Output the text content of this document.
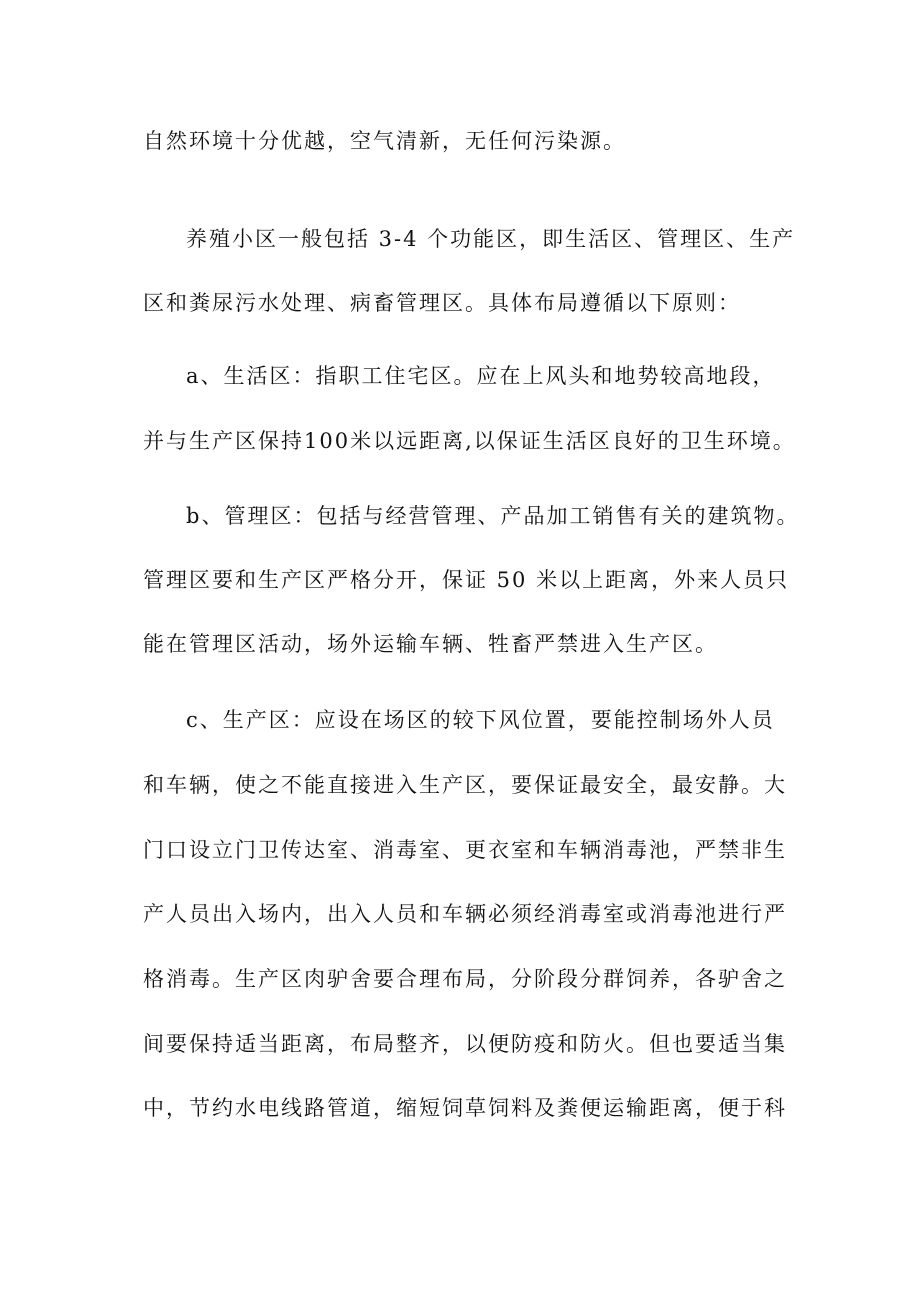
自然环境十分优越，空气清新，无任何污染源。
养殖小区一般包括 3-4 个功能区，即生活区、管理区、生产
区和粪尿污水处理、病畜管理区。具体布局遵循以下原则：
a、生活区：指职工住宅区。应在上风头和地势较高地段，
并与生产区保持100米以远距离,以保证生活区良好的卫生环境。
b、管理区：包括与经营管理、产品加工销售有关的建筑物。
管理区要和生产区严格分开，保证 50 米以上距离，外来人员只
能在管理区活动，场外运输车辆、牲畜严禁进入生产区。
c、生产区：应设在场区的较下风位置，要能控制场外人员
和车辆，使之不能直接进入生产区，要保证最安全，最安静。大
门口设立门卫传达室、消毒室、更衣室和车辆消毒池，严禁非生
产人员出入场内，出入人员和车辆必须经消毒室或消毒池进行严
格消毒。生产区肉驴舍要合理布局，分阶段分群饲养，各驴舍之
间要保持适当距离，布局整齐，以便防疫和防火。但也要适当集
中，节约水电线路管道，缩短饲草饲料及粪便运输距离，便于科
